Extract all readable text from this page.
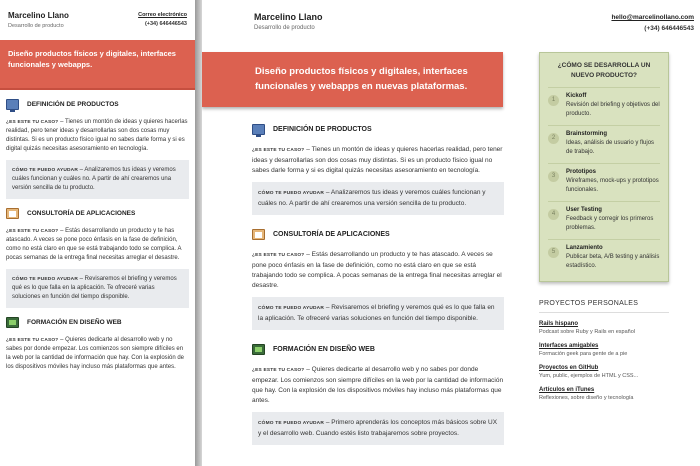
Marcelino Llano
Desarrollo de producto
Correo electrónico
(+34) 646446543
Diseño productos físicos y digitales, interfaces funcionales y webapps.
DEFINICIÓN DE PRODUCTOS
¿ES ESTE TU CASO? – Tienes un montón de ideas y quieres hacerlas realidad, pero tener ideas y desarrollarlas son dos cosas muy distintas. Si es un producto físico igual no sabes darle forma y si es digital quizás necesitas asesoramiento en tecnología.
CÓMO TE PUEDO AYUDAR – Analizaremos tus ideas y veremos cuáles funcionan y cuáles no. A partir de ahí crearemos una versión sencilla de tu producto.
CONSULTORÍA DE APLICACIONES
¿ES ESTE TU CASO? – Estás desarrollando un producto y te has atascado. A veces se pone poco énfasis en la fase de definición, como no está claro en que se está trabajando todo se complica. A pocas semanas de la entrega final necesitas arreglar el desastre.
CÓMO TE PUEDO AYUDAR – Revisaremos el briefing y veremos qué es lo que falla en la aplicación. Te ofreceré varias soluciones en función del tiempo disponible.
FORMACIÓN EN DISEÑO WEB
¿ES ESTE TU CASO? – Quieres dedicarte al desarrollo web y no sabes por donde empezar. Los comienzos son siempre difíciles en la web por la cantidad de información que hay. Con la explosión de los dispositivos móviles hay incluso más plataformas que antes.
Marcelino Llano
Desarrollo de producto
hello@marcelinollano.com
(+34) 646446543
Diseño productos físicos y digitales, interfaces funcionales y webapps en nuevas plataformas.
DEFINICIÓN DE PRODUCTOS
¿ES ESTE TU CASO? – Tienes un montón de ideas y quieres hacerlas realidad, pero tener ideas y desarrollarlas son dos cosas muy distintas. Si es un producto físico igual no sabes darle forma y si es digital quizás necesitas asesoramiento en tecnología.
CÓMO TE PUEDO AYUDAR – Analizaremos tus ideas y veremos cuáles funcionan y cuáles no. A partir de ahí crearemos una versión sencilla de tu producto.
CONSULTORÍA DE APLICACIONES
¿ES ESTE TU CASO? – Estás desarrollando un producto y te has atascado. A veces se pone poco énfasis en la fase de definición, como no está claro en que se está trabajando todo se complica. A pocas semanas de la entrega final necesitas arreglar el desastre.
CÓMO TE PUEDO AYUDAR – Revisaremos el briefing y veremos qué es lo que falla en la aplicación. Te ofreceré varias soluciones en función del tiempo disponible.
FORMACIÓN EN DISEÑO WEB
¿ES ESTE TU CASO? – Quieres dedicarte al desarrollo web y no sabes por donde empezar. Los comienzos son siempre difíciles en la web por la cantidad de información que hay. Con la explosión de los dispositivos móviles hay incluso más plataformas que antes.
CÓMO TE PUEDO AYUDAR – Primero aprenderás los conceptos más básicos sobre UX y el desarrollo web. Cuando estés listo trabajaremos sobre proyectos.
¿CÓMO SE DESARROLLA UN NUEVO PRODUCTO?
1
Kickoff
Revisión del briefing y objetivos del producto.
2
Brainstorming
Ideas, análisis de usuario y flujos de trabajo.
3
Prototipos
Wireframes, mock-ups y prototipos funcionales.
4
User Testing
Feedback y corregir los primeros problemas.
5
Lanzamiento
Publicar beta, A/B testing y análisis estadístico.
PROYECTOS PERSONALES
Rails hispano
Podcast sobre Ruby y Rails en español
Interfaces amigables
Formación geek para gente de a pie
Proyectos en GitHub
Yum, public, ejemplos de HTML y CSS...
Artículos en iTunes
Reflexiones, sobre diseño y tecnología
